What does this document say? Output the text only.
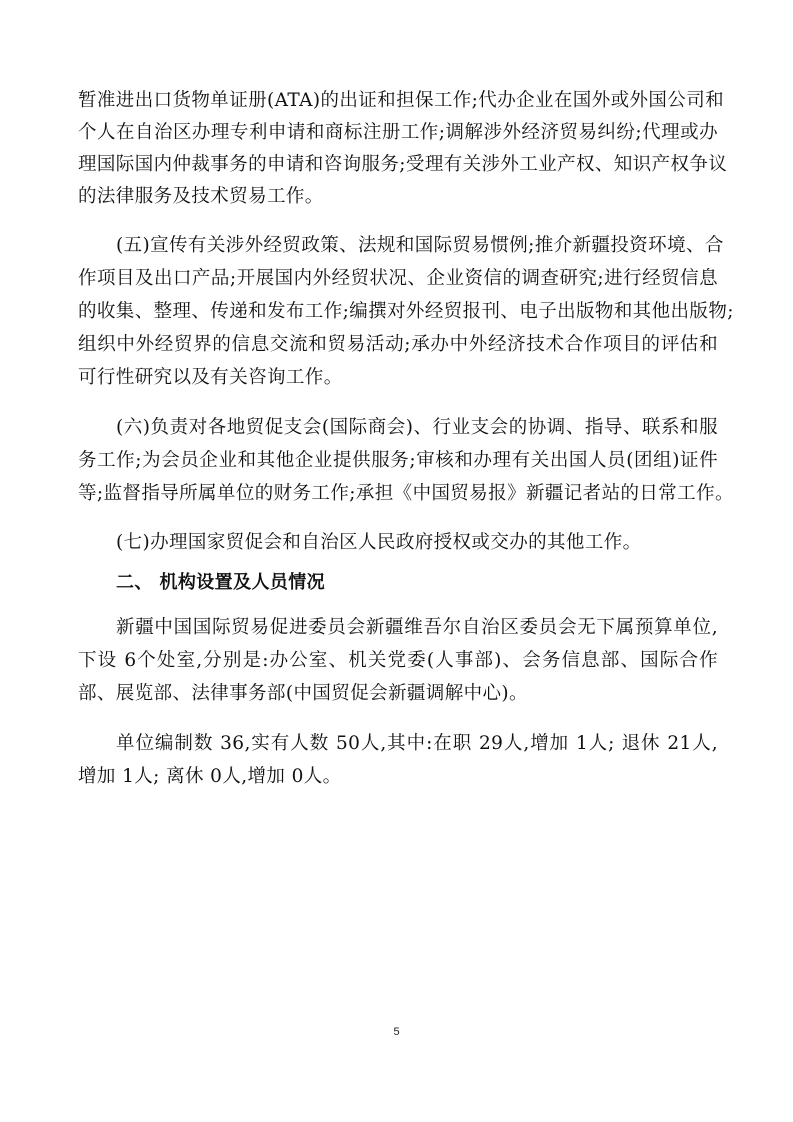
暂准进出口货物单证册(ATA)的出证和担保工作;代办企业在国外或外国公司和
个人在自治区办理专利申请和商标注册工作;调解涉外经济贸易纠纷;代理或办
理国际国内仲裁事务的申请和咨询服务;受理有关涉外工业产权、知识产权争议
的法律服务及技术贸易工作。
(五)宣传有关涉外经贸政策、法规和国际贸易惯例;推介新疆投资环境、合
作项目及出口产品;开展国内外经贸状况、企业资信的调查研究;进行经贸信息
的收集、整理、传递和发布工作;编撰对外经贸报刊、电子出版物和其他出版物;
组织中外经贸界的信息交流和贸易活动;承办中外经济技术合作项目的评估和
可行性研究以及有关咨询工作。
(六)负责对各地贸促支会(国际商会)、行业支会的协调、指导、联系和服
务工作;为会员企业和其他企业提供服务;审核和办理有关出国人员(团组)证件
等;监督指导所属单位的财务工作;承担《中国贸易报》新疆记者站的日常工作。
(七)办理国家贸促会和自治区人民政府授权或交办的其他工作。
二、 机构设置及人员情况
新疆中国国际贸易促进委员会新疆维吾尔自治区委员会无下属预算单位,
下设 6个处室,分别是:办公室、机关党委(人事部)、会务信息部、国际合作
部、展览部、法律事务部(中国贸促会新疆调解中心)。
单位编制数 36,实有人数 50人,其中:在职 29人,增加 1人; 退休 21人,
增加 1人; 离休 0人,增加 0人。
5
